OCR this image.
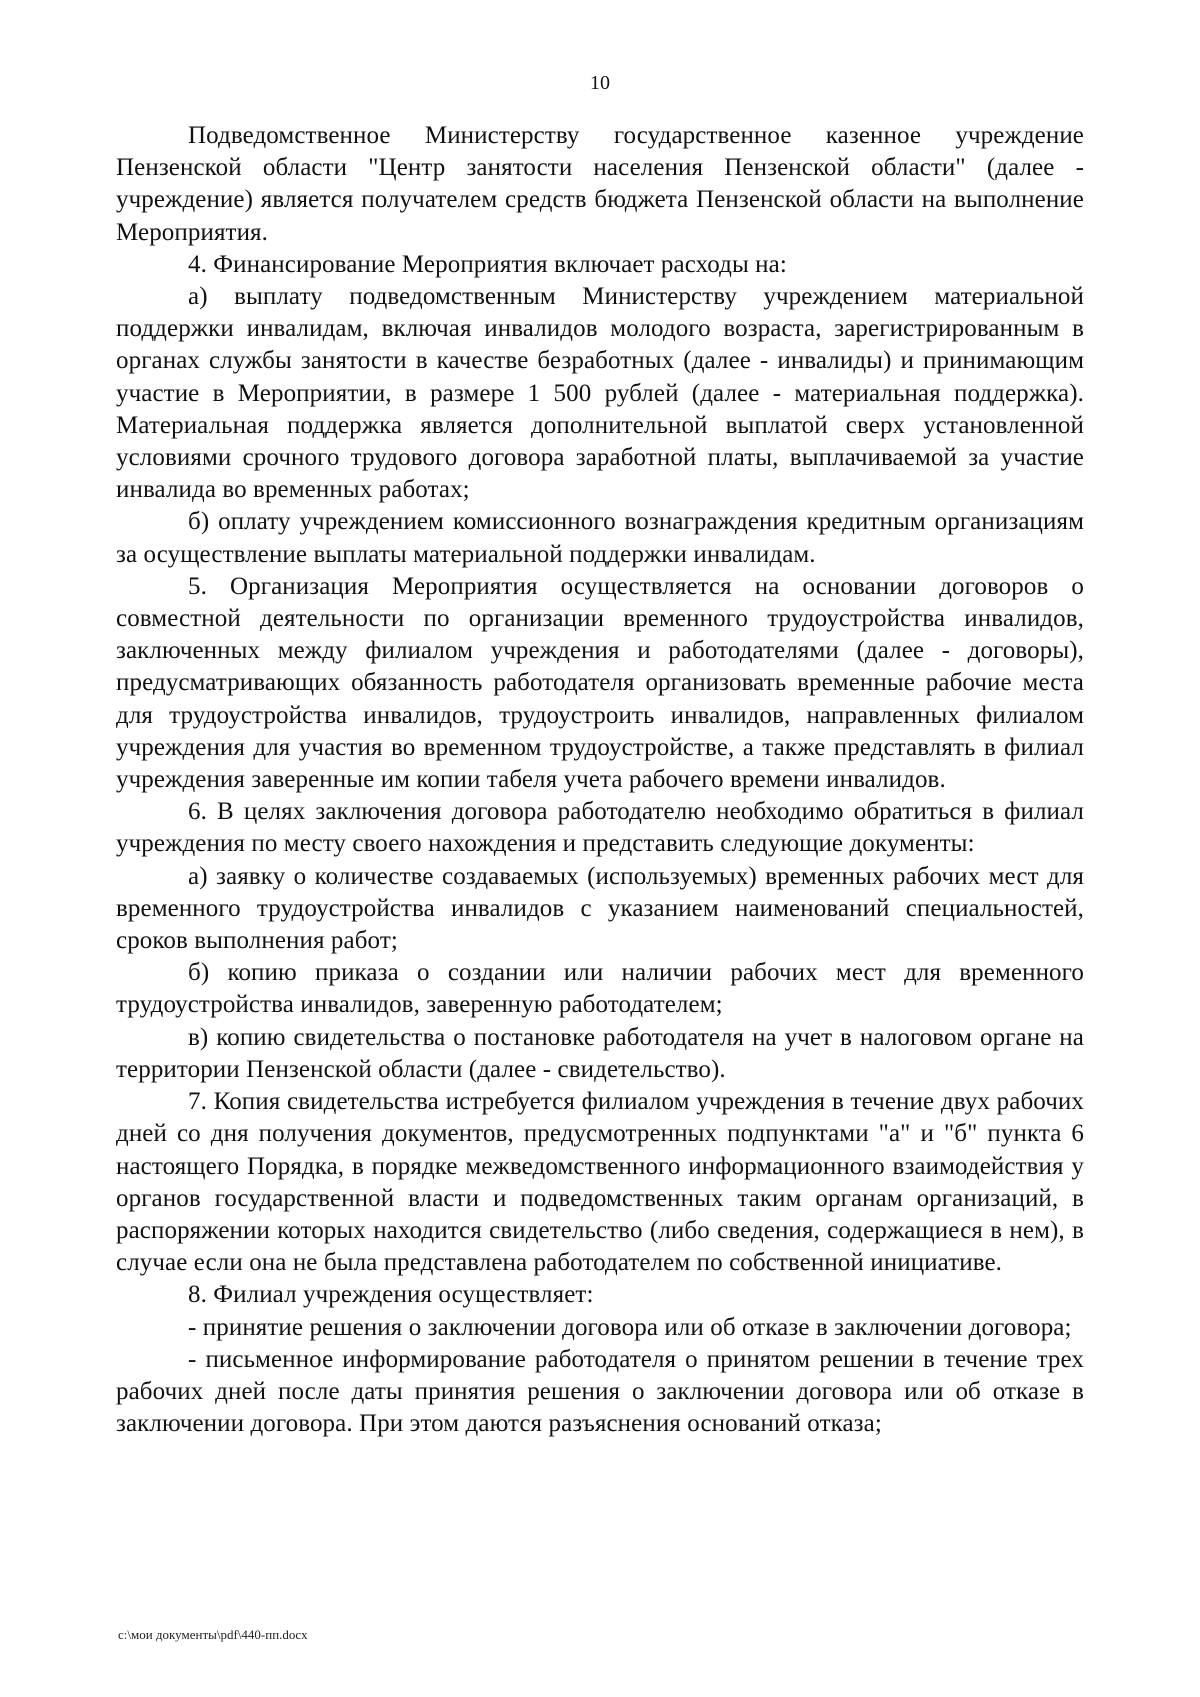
10

Подведомственное Министерству государственное казенное учреждение Пензенской области "Центр занятости населения Пензенской области" (далее - учреждение) является получателем средств бюджета Пензенской области на выполнение Мероприятия.

4. Финансирование Мероприятия включает расходы на:

а) выплату подведомственным Министерству учреждением материальной поддержки инвалидам, включая инвалидов молодого возраста, зарегистрированным в органах службы занятости в качестве безработных (далее - инвалиды) и принимающим участие в Мероприятии, в размере 1 500 рублей (далее - материальная поддержка). Материальная поддержка является дополнительной выплатой сверх установленной условиями срочного трудового договора заработной платы, выплачиваемой за участие инвалида во временных работах;

б) оплату учреждением комиссионного вознаграждения кредитным организациям за осуществление выплаты материальной поддержки инвалидам.

5. Организация Мероприятия осуществляется на основании договоров о совместной деятельности по организации временного трудоустройства инвалидов, заключенных между филиалом учреждения и работодателями (далее - договоры), предусматривающих обязанность работодателя организовать временные рабочие места для трудоустройства инвалидов, трудоустроить инвалидов, направленных филиалом учреждения для участия во временном трудоустройстве, а также представлять в филиал учреждения заверенные им копии табеля учета рабочего времени инвалидов.

6. В целях заключения договора работодателю необходимо обратиться в филиал учреждения по месту своего нахождения и представить следующие документы:

а) заявку о количестве создаваемых (используемых) временных рабочих мест для временного трудоустройства инвалидов с указанием наименований специальностей, сроков выполнения работ;

б) копию приказа о создании или наличии рабочих мест для временного трудоустройства инвалидов, заверенную работодателем;

в) копию свидетельства о постановке работодателя на учет в налоговом органе на территории Пензенской области (далее - свидетельство).

7. Копия свидетельства истребуется филиалом учреждения в течение двух рабочих дней со дня получения документов, предусмотренных подпунктами "а" и "б" пункта 6 настоящего Порядка, в порядке межведомственного информационного взаимодействия у органов государственной власти и подведомственных таким органам организаций, в распоряжении которых находится свидетельство (либо сведения, содержащиеся в нем), в случае если она не была представлена работодателем по собственной инициативе.

8. Филиал учреждения осуществляет:

- принятие решения о заключении договора или об отказе в заключении договора;

- письменное информирование работодателя о принятом решении в течение трех рабочих дней после даты принятия решения о заключении договора или об отказе в заключении договора. При этом даются разъяснения оснований отказа;

c:\мои документы\pdf\440-пп.docx
